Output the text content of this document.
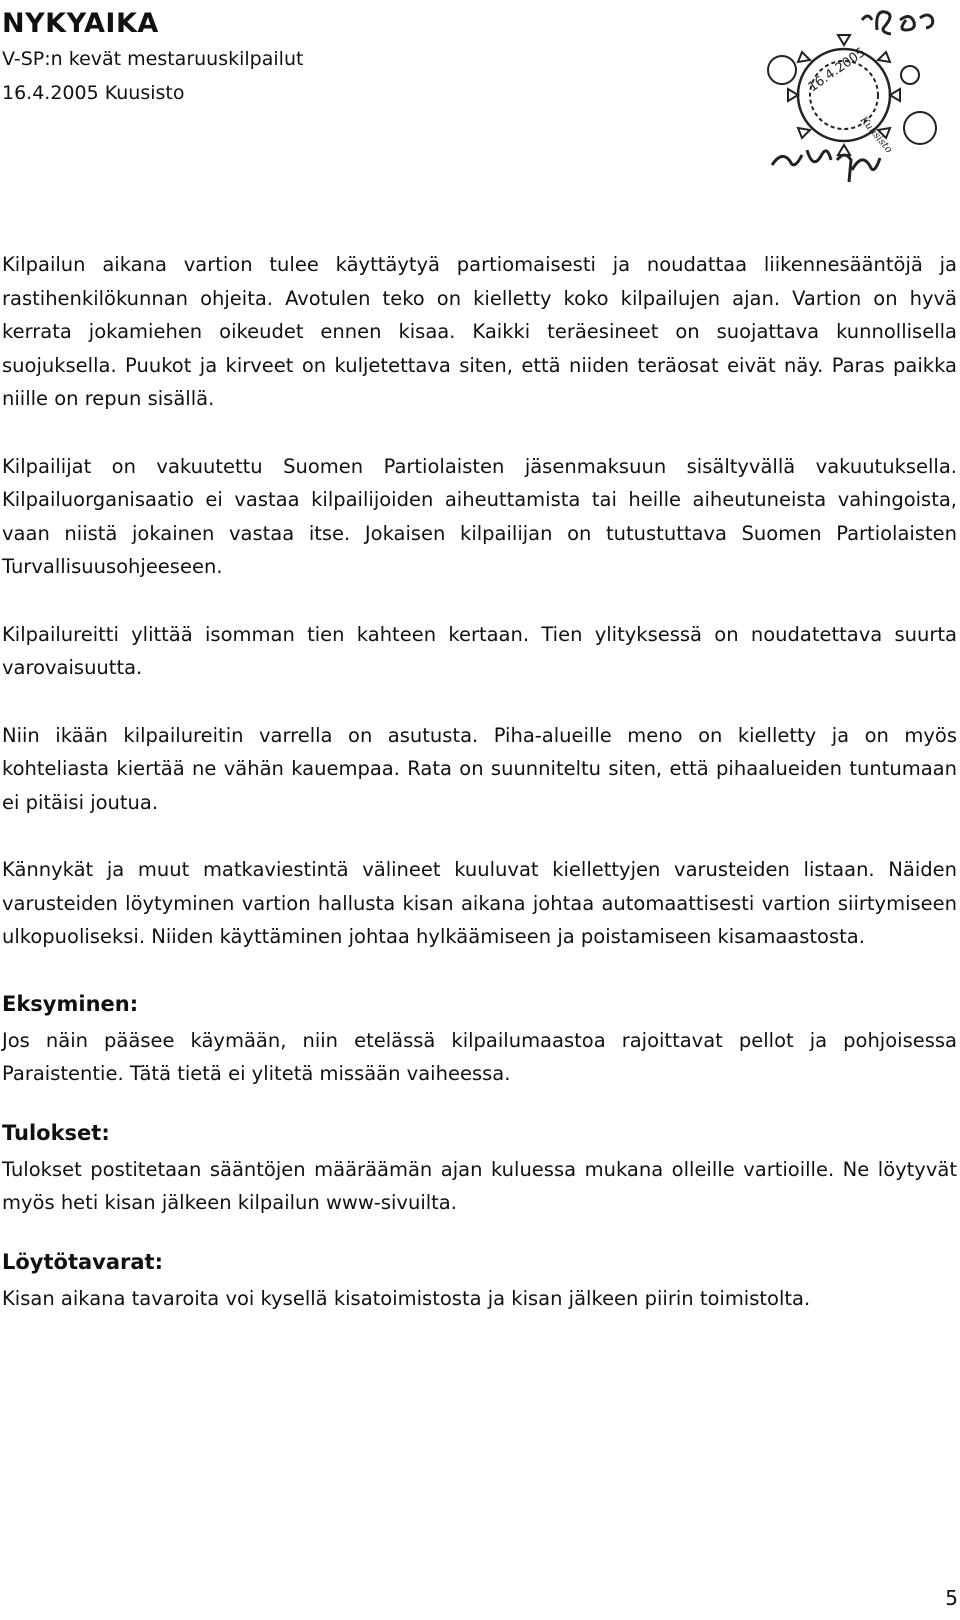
NYKYAIKA
V-SP:n kevät mestaruuskilpailut
16.4.2005 Kuusisto	16.4.2005
Kuusisto

Kilpailun aikana vartion tulee käyttäytyä partiomaisesti ja noudattaa liikennesääntöjä ja rastihenkilökunnan ohjeita. Avotulen teko on kielletty koko kilpailujen ajan. Vartion on hyvä kerrata jokamiehen oikeudet ennen kisaa. Kaikki teräesineet on suojattava kunnollisella suojuksella. Puukot ja kirveet on kuljetettava siten, että niiden teräosat eivät näy. Paras paikka niille on repun sisällä.

Kilpailijat on vakuutettu Suomen Partiolaisten jäsenmaksuun sisältyvällä vakuutuksella. Kilpailuorganisaatio ei vastaa kilpailijoiden aiheuttamista tai heille aiheutuneista vahingoista, vaan niistä jokainen vastaa itse. Jokaisen kilpailijan on tutustuttava Suomen Partiolaisten Turvallisuusohjeeseen.

Kilpailureitti ylittää isomman tien kahteen kertaan. Tien ylityksessä on noudatettava suurta varovaisuutta.

Niin ikään kilpailureitin varrella on asutusta. Piha-alueille meno on kielletty ja on myös kohteliasta kiertää ne vähän kauempaa. Rata on suunniteltu siten, että pihaalueiden tuntumaan ei pitäisi joutua.

Kännykät ja muut matkaviestintä välineet kuuluvat kiellettyjen varusteiden listaan. Näiden varusteiden löytyminen vartion hallusta kisan aikana johtaa automaattisesti vartion siirtymiseen ulkopuoliseksi. Niiden käyttäminen johtaa hylkäämiseen ja poistamiseen kisamaastosta.

Eksyminen:

Jos näin pääsee käymään, niin etelässä kilpailumaastoa rajoittavat pellot ja pohjoisessa Paraistentie. Tätä tietä ei ylitetä missään vaiheessa.

Tulokset:

Tulokset postitetaan sääntöjen määräämän ajan kuluessa mukana olleille vartioille. Ne löytyvät myös heti kisan jälkeen kilpailun www-sivuilta.

Löytötavarat:

Kisan aikana tavaroita voi kysellä kisatoimistosta ja kisan jälkeen piirin toimistolta.

5
